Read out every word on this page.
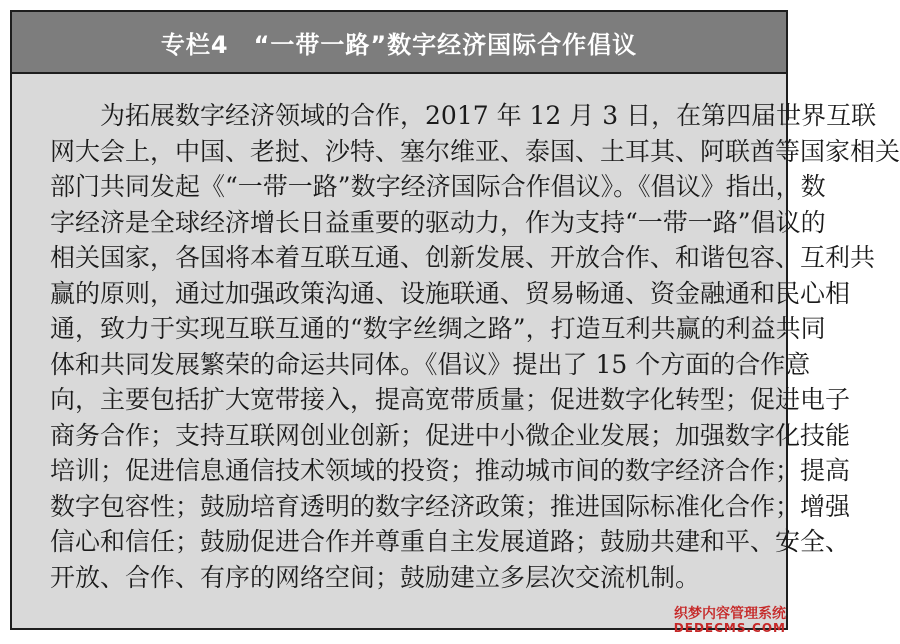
专栏4　“一带一路”数字经济国际合作倡议

为拓展数字经济领域的合作，2017 年 12 月 3 日，在第四届世界互联
网大会上，中国、老挝、沙特、塞尔维亚、泰国、土耳其、阿联酋等国家相关
部门共同发起《“一带一路”数字经济国际合作倡议》。《倡议》指出，数
字经济是全球经济增长日益重要的驱动力，作为支持“一带一路”倡议的
相关国家，各国将本着互联互通、创新发展、开放合作、和谐包容、互利共
赢的原则，通过加强政策沟通、设施联通、贸易畅通、资金融通和民心相
通，致力于实现互联互通的“数字丝绸之路”，打造互利共赢的利益共同
体和共同发展繁荣的命运共同体。《倡议》提出了 15 个方面的合作意
向，主要包括扩大宽带接入，提高宽带质量；促进数字化转型；促进电子
商务合作；支持互联网创业创新；促进中小微企业发展；加强数字化技能
培训；促进信息通信技术领域的投资；推动城市间的数字经济合作；提高
数字包容性；鼓励培育透明的数字经济政策；推进国际标准化合作；增强
信心和信任；鼓励促进合作并尊重自主发展道路；鼓励共建和平、安全、
开放、合作、有序的网络空间；鼓励建立多层次交流机制。

织梦内容管理系统
DEDECMS.COM
